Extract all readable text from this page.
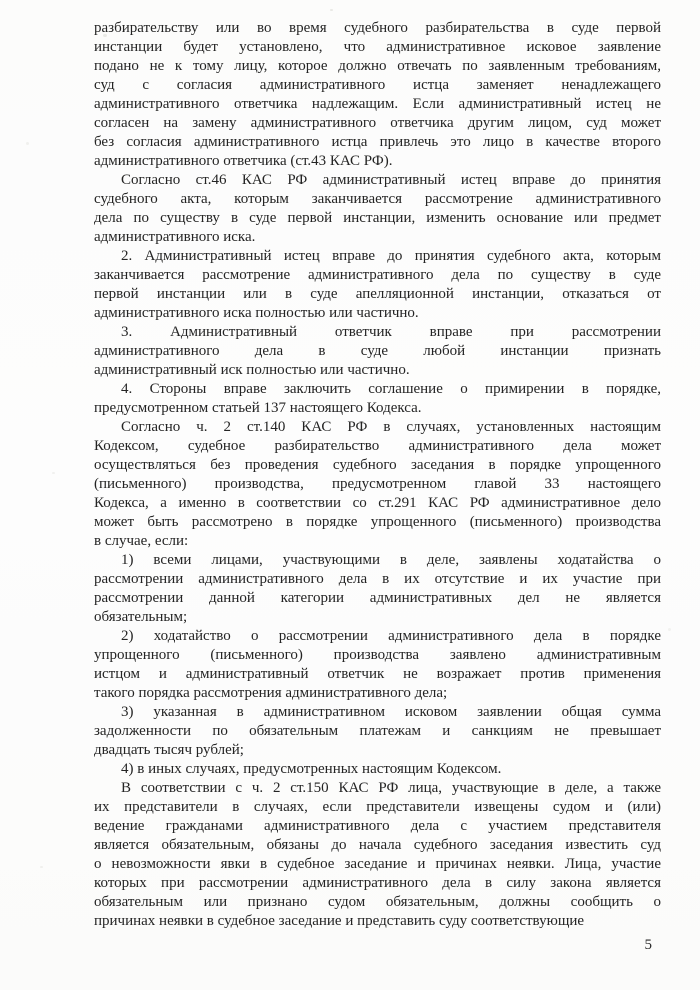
разбирательству или во время судебного разбирательства в суде первой
инстанции будет установлено, что административное исковое заявление
подано не к тому лицу, которое должно отвечать по заявленным требованиям,
суд с согласия административного истца заменяет ненадлежащего
административного ответчика надлежащим. Если административный истец не
согласен на замену административного ответчика другим лицом, суд может
без согласия административного истца привлечь это лицо в качестве второго
административного ответчика (ст.43 КАС РФ).
Согласно ст.46 КАС РФ административный истец вправе до принятия
судебного акта, которым заканчивается рассмотрение административного
дела по существу в суде первой инстанции, изменить основание или предмет
административного иска.
2. Административный истец вправе до принятия судебного акта, которым
заканчивается рассмотрение административного дела по существу в суде
первой инстанции или в суде апелляционной инстанции, отказаться от
административного иска полностью или частично.
3. Административный ответчик вправе при рассмотрении
административного дела в суде любой инстанции признать
административный иск полностью или частично.
4. Стороны вправе заключить соглашение о примирении в порядке,
предусмотренном статьей 137 настоящего Кодекса.
Согласно ч. 2 ст.140 КАС РФ в случаях, установленных настоящим
Кодексом, судебное разбирательство административного дела может
осуществляться без проведения судебного заседания в порядке упрощенного
(письменного) производства, предусмотренном главой 33 настоящего
Кодекса, а именно в соответствии со ст.291 КАС РФ административное дело
может быть рассмотрено в порядке упрощенного (письменного) производства
в случае, если:
1) всеми лицами, участвующими в деле, заявлены ходатайства о
рассмотрении административного дела в их отсутствие и их участие при
рассмотрении данной категории административных дел не является
обязательным;
2) ходатайство о рассмотрении административного дела в порядке
упрощенного (письменного) производства заявлено административным
истцом и административный ответчик не возражает против применения
такого порядка рассмотрения административного дела;
3) указанная в административном исковом заявлении общая сумма
задолженности по обязательным платежам и санкциям не превышает
двадцать тысяч рублей;
4) в иных случаях, предусмотренных настоящим Кодексом.
В соответствии с ч. 2 ст.150 КАС РФ лица, участвующие в деле, а также
их представители в случаях, если представители извещены судом и (или)
ведение гражданами административного дела с участием представителя
является обязательным, обязаны до начала судебного заседания известить суд
о невозможности явки в судебное заседание и причинах неявки. Лица, участие
которых при рассмотрении административного дела в силу закона является
обязательным или признано судом обязательным, должны сообщить о
причинах неявки в судебное заседание и представить суду соответствующие
5
